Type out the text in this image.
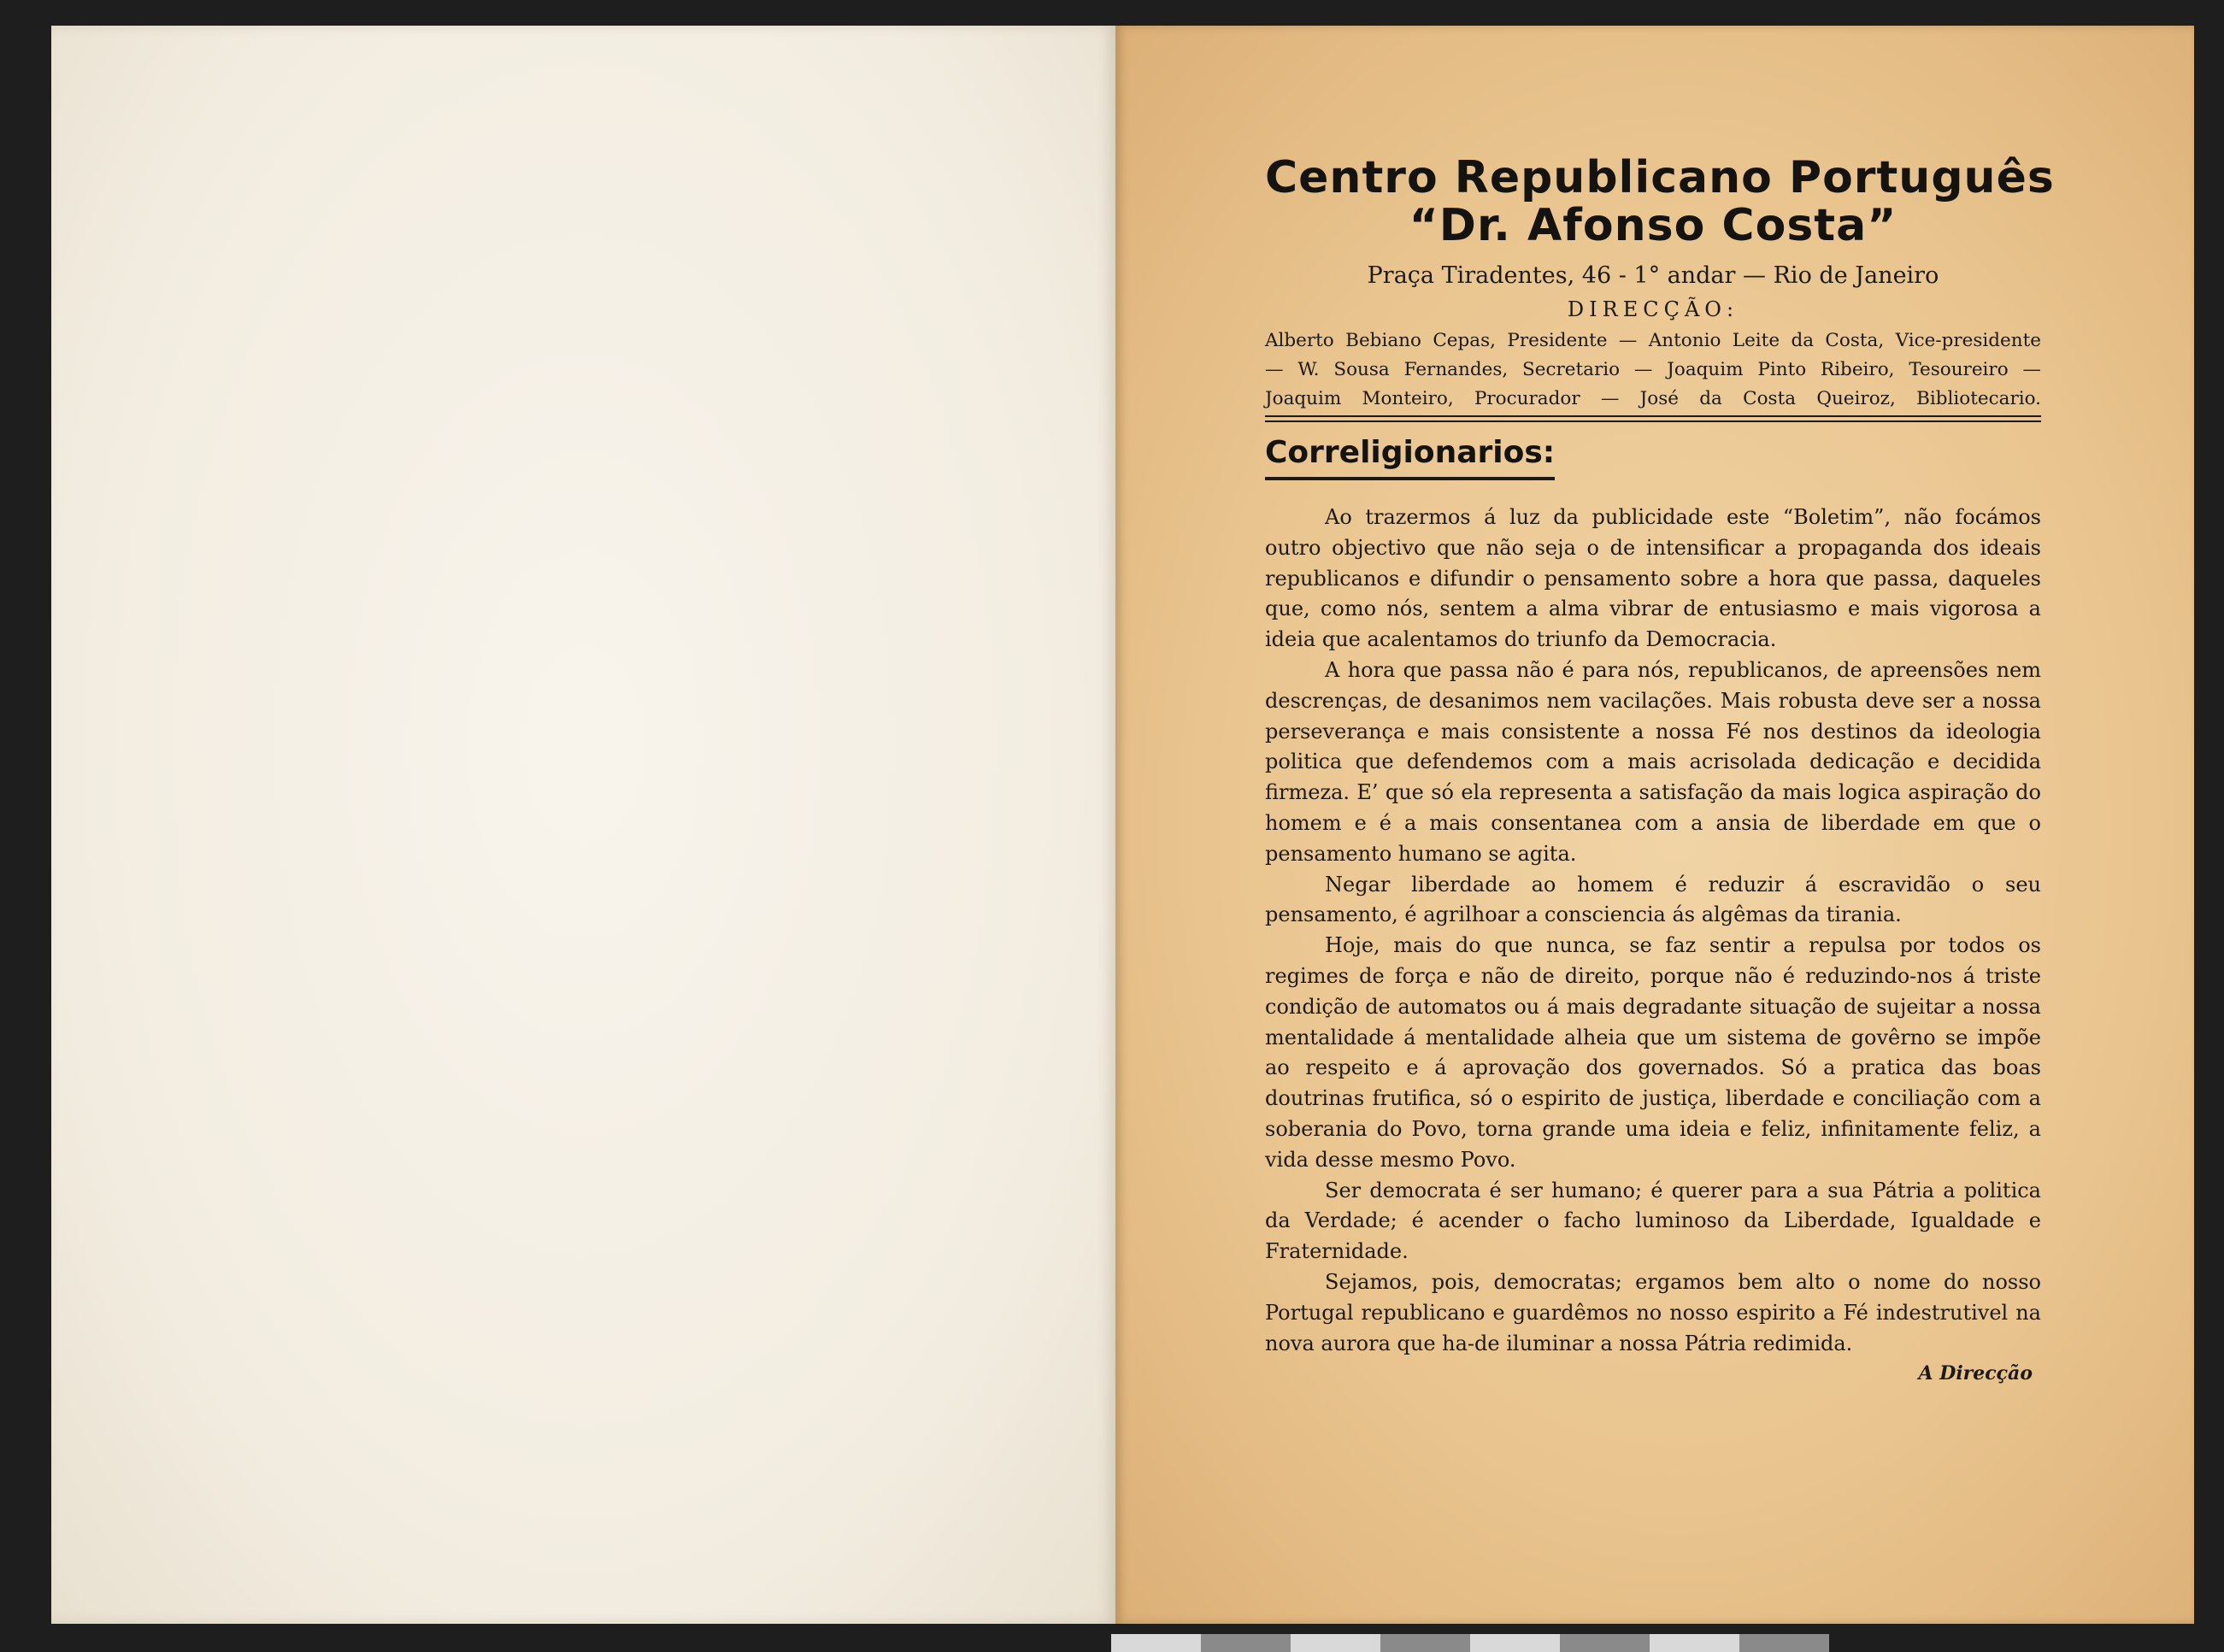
Centro Republicano Português
“Dr. Afonso Costa”
Praça Tiradentes, 46 - 1° andar — Rio de Janeiro
DIRECÇÃO:
Alberto Bebiano Cepas, Presidente — Antonio Leite da Costa, Vice-presidente
— W. Sousa Fernandes, Secretario — Joaquim Pinto Ribeiro, Tesoureiro —
Joaquim Monteiro, Procurador — José da Costa Queiroz, Bibliotecario.
Correligionarios:

Ao trazermos á luz da publicidade este “Boletim”, não focámos outro objectivo que não seja o de intensificar a propaganda dos ideais republicanos e difundir o pensamento sobre a hora que passa, daqueles que, como nós, sentem a alma vibrar de entusiasmo e mais vigorosa a ideia que acalentamos do triunfo da Democracia.

A hora que passa não é para nós, republicanos, de apreensões nem descrenças, de desanimos nem vacilações. Mais robusta deve ser a nossa perseverança e mais consistente a nossa Fé nos destinos da ideologia politica que defendemos com a mais acrisolada dedicação e decidida firmeza. E’ que só ela representa a satisfação da mais logica aspiração do homem e é a mais consentanea com a ansia de liberdade em que o pensamento humano se agita.

Negar liberdade ao homem é reduzir á escravidão o seu pensamento, é agrilhoar a consciencia ás algêmas da tirania.

Hoje, mais do que nunca, se faz sentir a repulsa por todos os regimes de força e não de direito, porque não é reduzindo-nos á triste condição de automatos ou á mais degradante situação de sujeitar a nossa mentalidade á mentalidade alheia que um sistema de govêrno se impõe ao respeito e á aprovação dos governados. Só a pratica das boas doutrinas frutifica, só o espirito de justiça, liberdade e conciliação com a soberania do Povo, torna grande uma ideia e feliz, infinitamente feliz, a vida desse mesmo Povo.

Ser democrata é ser humano; é querer para a sua Pátria a politica da Verdade; é acender o facho luminoso da Liberdade, Igualdade e Fraternidade.

Sejamos, pois, democratas; ergamos bem alto o nome do nosso Portugal republicano e guardêmos no nosso espirito a Fé indestrutivel na nova aurora que ha-de iluminar a nossa Pátria redimida.

A Direcção
